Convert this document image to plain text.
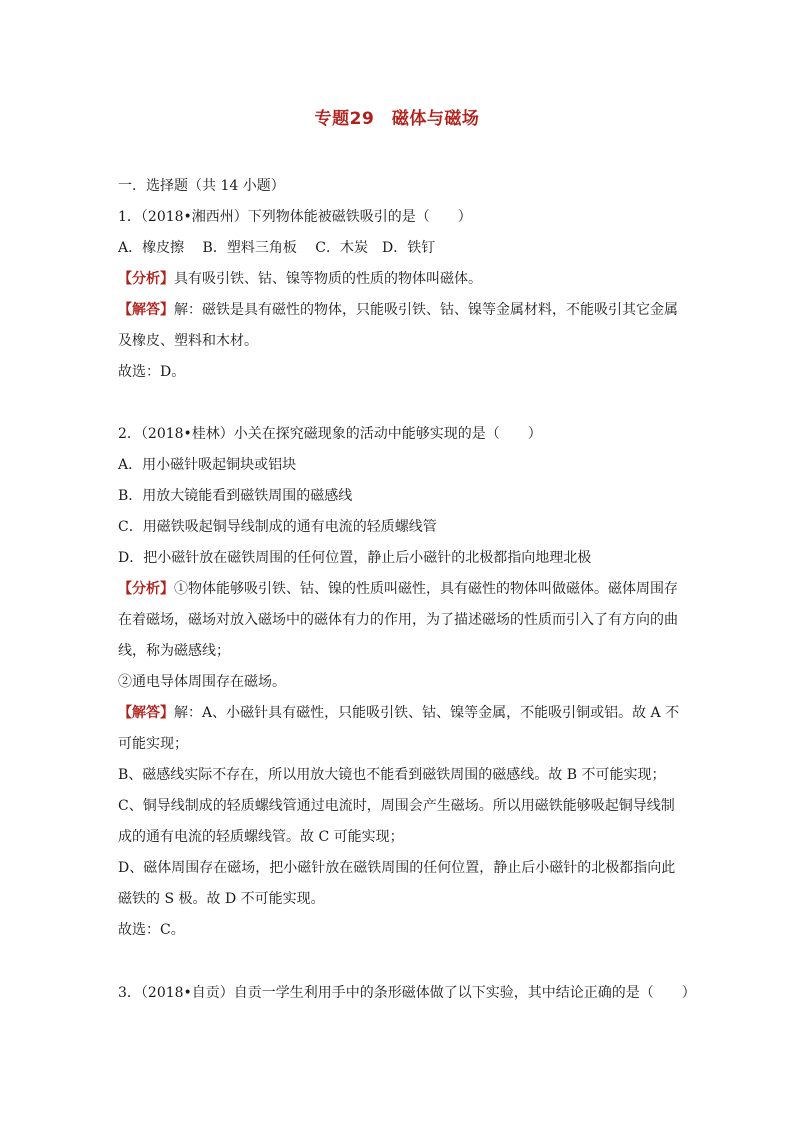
专题29　磁体与磁场
一．选择题（共 14 小题）
1．（2018•湘西州）下列物体能被磁铁吸引的是（　　）
A．橡皮擦　 B．塑料三角板　 C．木炭　D．铁钉
【分析】具有吸引铁、钴、镍等物质的性质的物体叫磁体。
【解答】解：磁铁是具有磁性的物体，只能吸引铁、钴、镍等金属材料，不能吸引其它金属
及橡皮、塑料和木材。
故选：D。
2．（2018•桂林）小关在探究磁现象的活动中能够实现的是（　　）
A．用小磁针吸起铜块或铝块
B．用放大镜能看到磁铁周围的磁感线
C．用磁铁吸起铜导线制成的通有电流的轻质螺线管
D．把小磁针放在磁铁周围的任何位置，静止后小磁针的北极都指向地理北极
【分析】①物体能够吸引铁、钴、镍的性质叫磁性，具有磁性的物体叫做磁体。磁体周围存
在着磁场，磁场对放入磁场中的磁体有力的作用，为了描述磁场的性质而引入了有方向的曲
线，称为磁感线；
②通电导体周围存在磁场。
【解答】解：A、小磁针具有磁性，只能吸引铁、钴、镍等金属，不能吸引铜或铝。故 A 不
可能实现；
B、磁感线实际不存在，所以用放大镜也不能看到磁铁周围的磁感线。故 B 不可能实现；
C、铜导线制成的轻质螺线管通过电流时，周围会产生磁场。所以用磁铁能够吸起铜导线制
成的通有电流的轻质螺线管。故 C 可能实现；
D、磁体周围存在磁场，把小磁针放在磁铁周围的任何位置，静止后小磁针的北极都指向此
磁铁的 S 极。故 D 不可能实现。
故选：C。
3．（2018•自贡）自贡一学生利用手中的条形磁体做了以下实验，其中结论正确的是（　　）
